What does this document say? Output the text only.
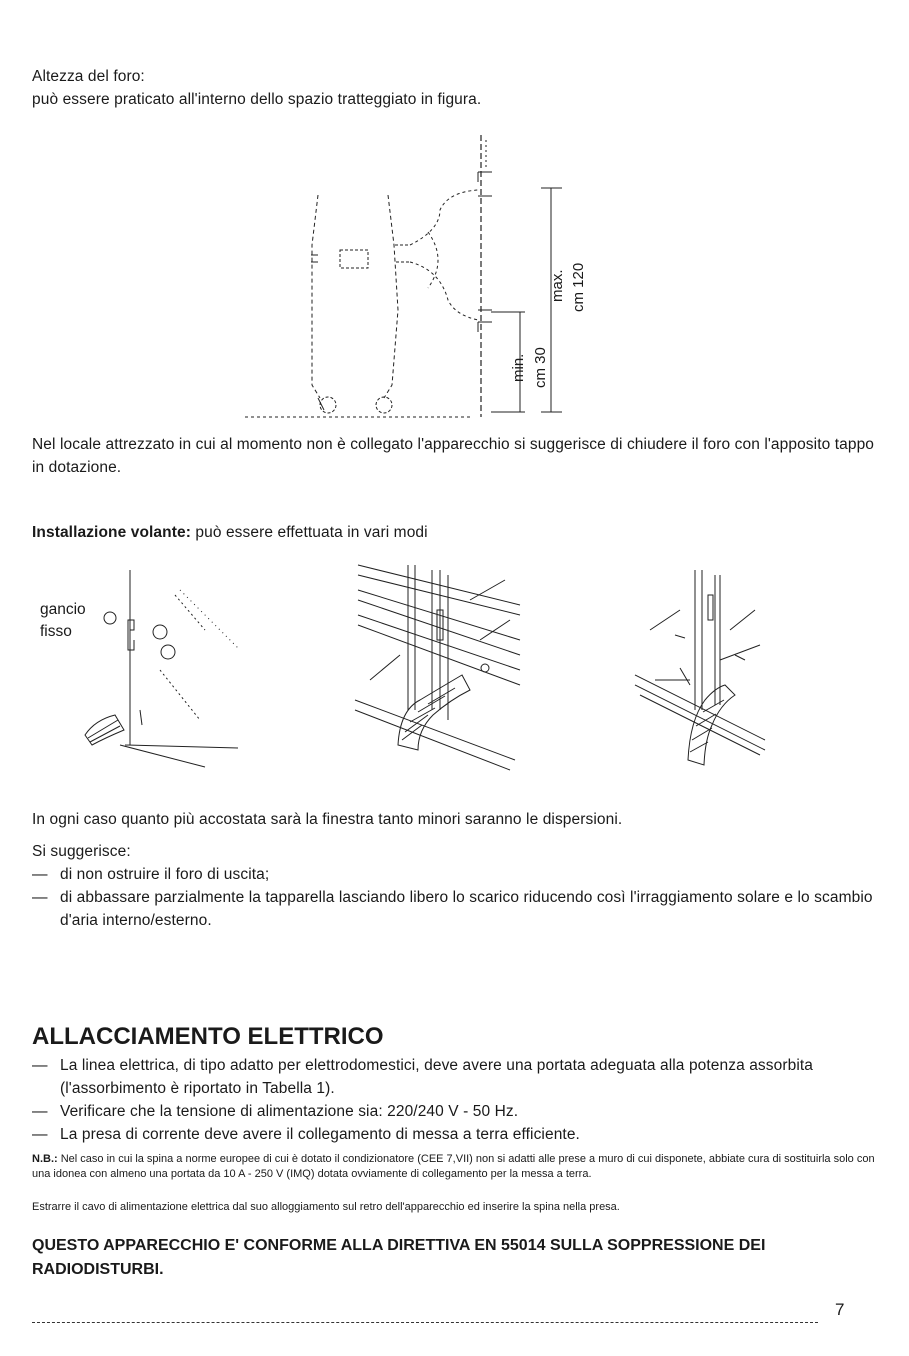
Altezza del foro:
può essere praticato all'interno dello spazio tratteggiato in figura.
min. cm 30
max. cm 120
Nel locale attrezzato in cui al momento non è collegato l'apparecchio si suggerisce di chiudere il foro con l'apposito tappo in dotazione.
Installazione volante: può essere effettuata in vari modi
gancio
fisso
In ogni caso quanto più accostata sarà la finestra tanto minori saranno le dispersioni.
Si suggerisce:
— di non ostruire il foro di uscita;
— di abbassare parzialmente la tapparella lasciando libero lo scarico riducendo così l'irraggiamento solare e lo scambio d'aria interno/esterno.
ALLACCIAMENTO ELETTRICO
— La linea elettrica, di tipo adatto per elettrodomestici, deve avere una portata adeguata alla potenza assorbita (l'assorbimento è riportato in Tabella 1).
— Verificare che la tensione di alimentazione sia: 220/240 V - 50 Hz.
— La presa di corrente deve avere il collegamento di messa a terra efficiente.
N.B.: Nel caso in cui la spina a norme europee di cui è dotato il condizionatore (CEE 7,VII) non si adatti alle prese a muro di cui disponete, abbiate cura di sostituirla solo con una idonea con almeno una portata da 10 A - 250 V (IMQ) dotata ovviamente di collegamento per la messa a terra.
Estrarre il cavo di alimentazione elettrica dal suo alloggiamento sul retro dell'apparecchio ed inserire la spina nella presa.
QUESTO APPARECCHIO E' CONFORME ALLA DIRETTIVA EN 55014 SULLA SOPPRESSIONE DEI RADIODISTURBI.
7
